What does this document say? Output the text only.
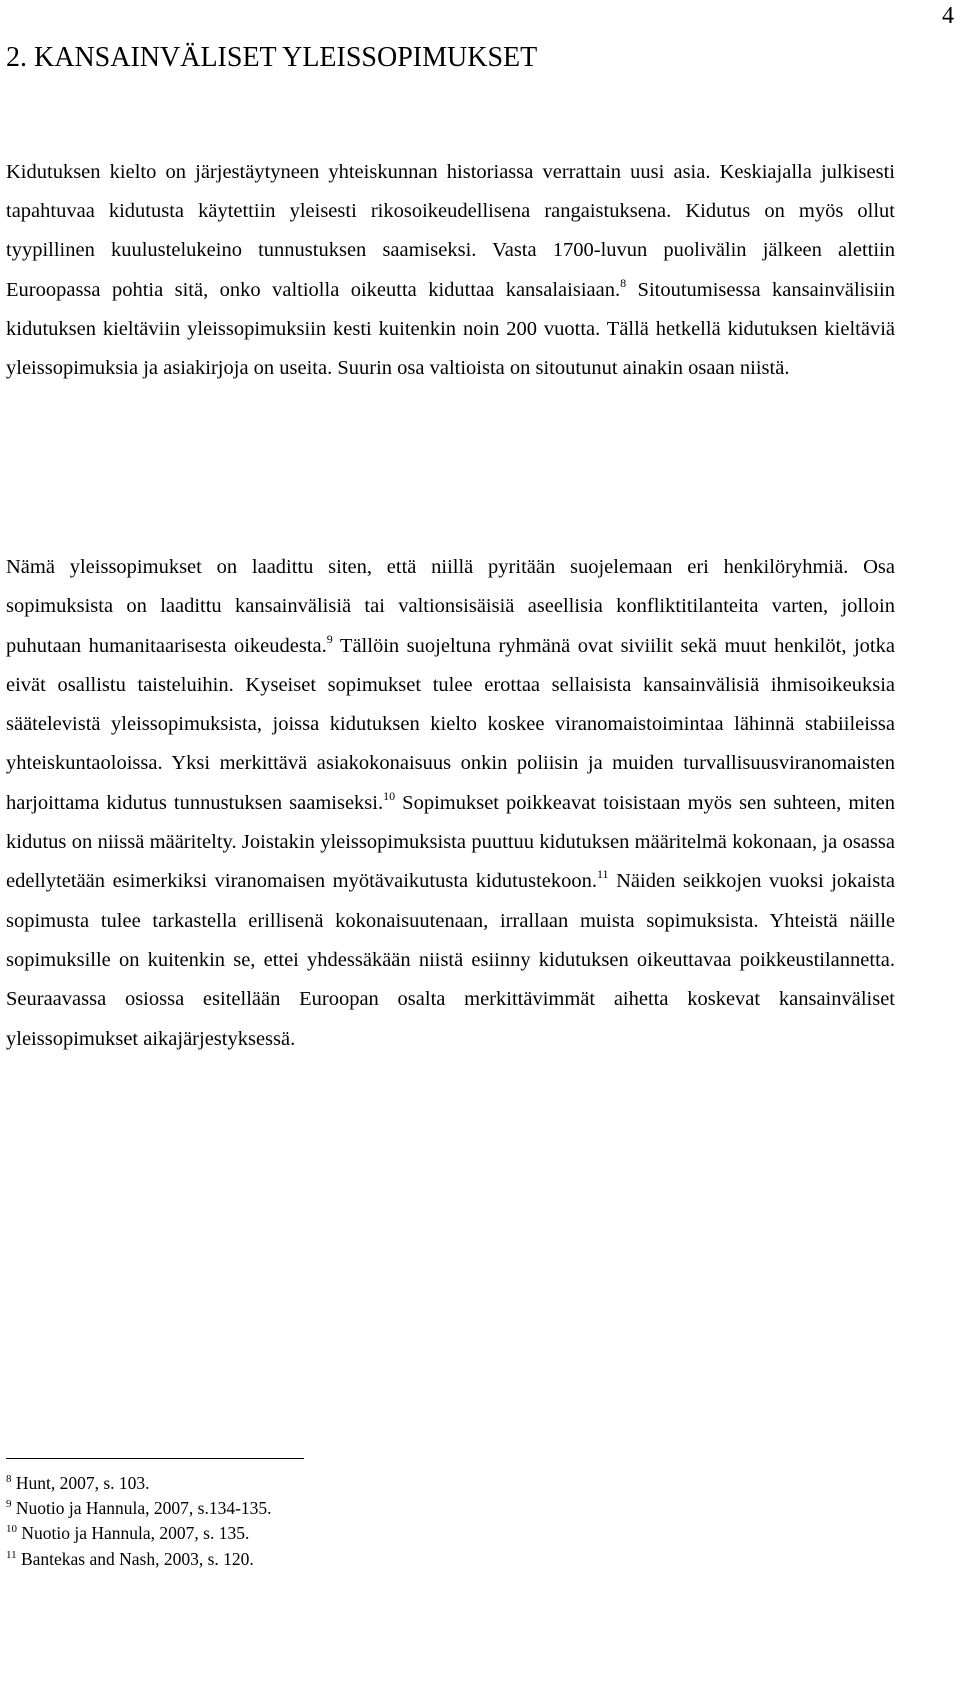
4
2. KANSAINVÄLISET YLEISSOPIMUKSET

Kidutuksen kielto on järjestäytyneen yhteiskunnan historiassa verrattain uusi asia. Keskiajalla julkisesti tapahtuvaa kidutusta käytettiin yleisesti rikosoikeudellisena rangaistuksena. Kidutus on myös ollut tyypillinen kuulustelukeino tunnustuksen saamiseksi. Vasta 1700-luvun puolivälin jälkeen alettiin Euroopassa pohtia sitä, onko valtiolla oikeutta kiduttaa kansalaisiaan.$^8$ Sitoutumisessa kansainvälisiin kidutuksen kieltäviin yleissopimuksiin kesti kuitenkin noin 200 vuotta. Tällä hetkellä kidutuksen kieltäviä yleissopimuksia ja asiakirjoja on useita. Suurin osa valtioista on sitoutunut ainakin osaan niistä.

Nämä yleissopimukset on laadittu siten, että niillä pyritään suojelemaan eri henkilöryhmiä. Osa sopimuksista on laadittu kansainvälisiä tai valtionsisäisiä aseellisia konfliktitilanteita varten, jolloin puhutaan humanitaarisesta oikeudesta.$^9$ Tällöin suojeltuna ryhmänä ovat siviilit sekä muut henkilöt, jotka eivät osallistu taisteluihin. Kyseiset sopimukset tulee erottaa sellaisista kansainvälisiä ihmisoikeuksia säätelevistä yleissopimuksista, joissa kidutuksen kielto koskee viranomaistoimintaa lähinnä stabiileissa yhteiskuntaoloissa. Yksi merkittävä asiakokonaisuus onkin poliisin ja muiden turvallisuusviranomaisten harjoittama kidutus tunnustuksen saamiseksi.$^{10}$ Sopimukset poikkeavat toisistaan myös sen suhteen, miten kidutus on niissä määritelty. Joistakin yleissopimuksista puuttuu kidutuksen määritelmä kokonaan, ja osassa edellytetään esimerkiksi viranomaisen myötävaikutusta kidutustekoon.$^{11}$ Näiden seikkojen vuoksi jokaista sopimusta tulee tarkastella erillisenä kokonaisuutenaan, irrallaan muista sopimuksista. Yhteistä näille sopimuksille on kuitenkin se, ettei yhdessäkään niistä esiinny kidutuksen oikeuttavaa poikkeustilannetta. Seuraavassa osiossa esitellään Euroopan osalta merkittävimmät aihetta koskevat kansainväliset yleissopimukset aikajärjestyksessä.

$^8$ Hunt, 2007, s. 103.
$^9$ Nuotio ja Hannula, 2007, s.134-135.
$^{10}$ Nuotio ja Hannula, 2007, s. 135.
$^{11}$ Bantekas and Nash, 2003, s. 120.
